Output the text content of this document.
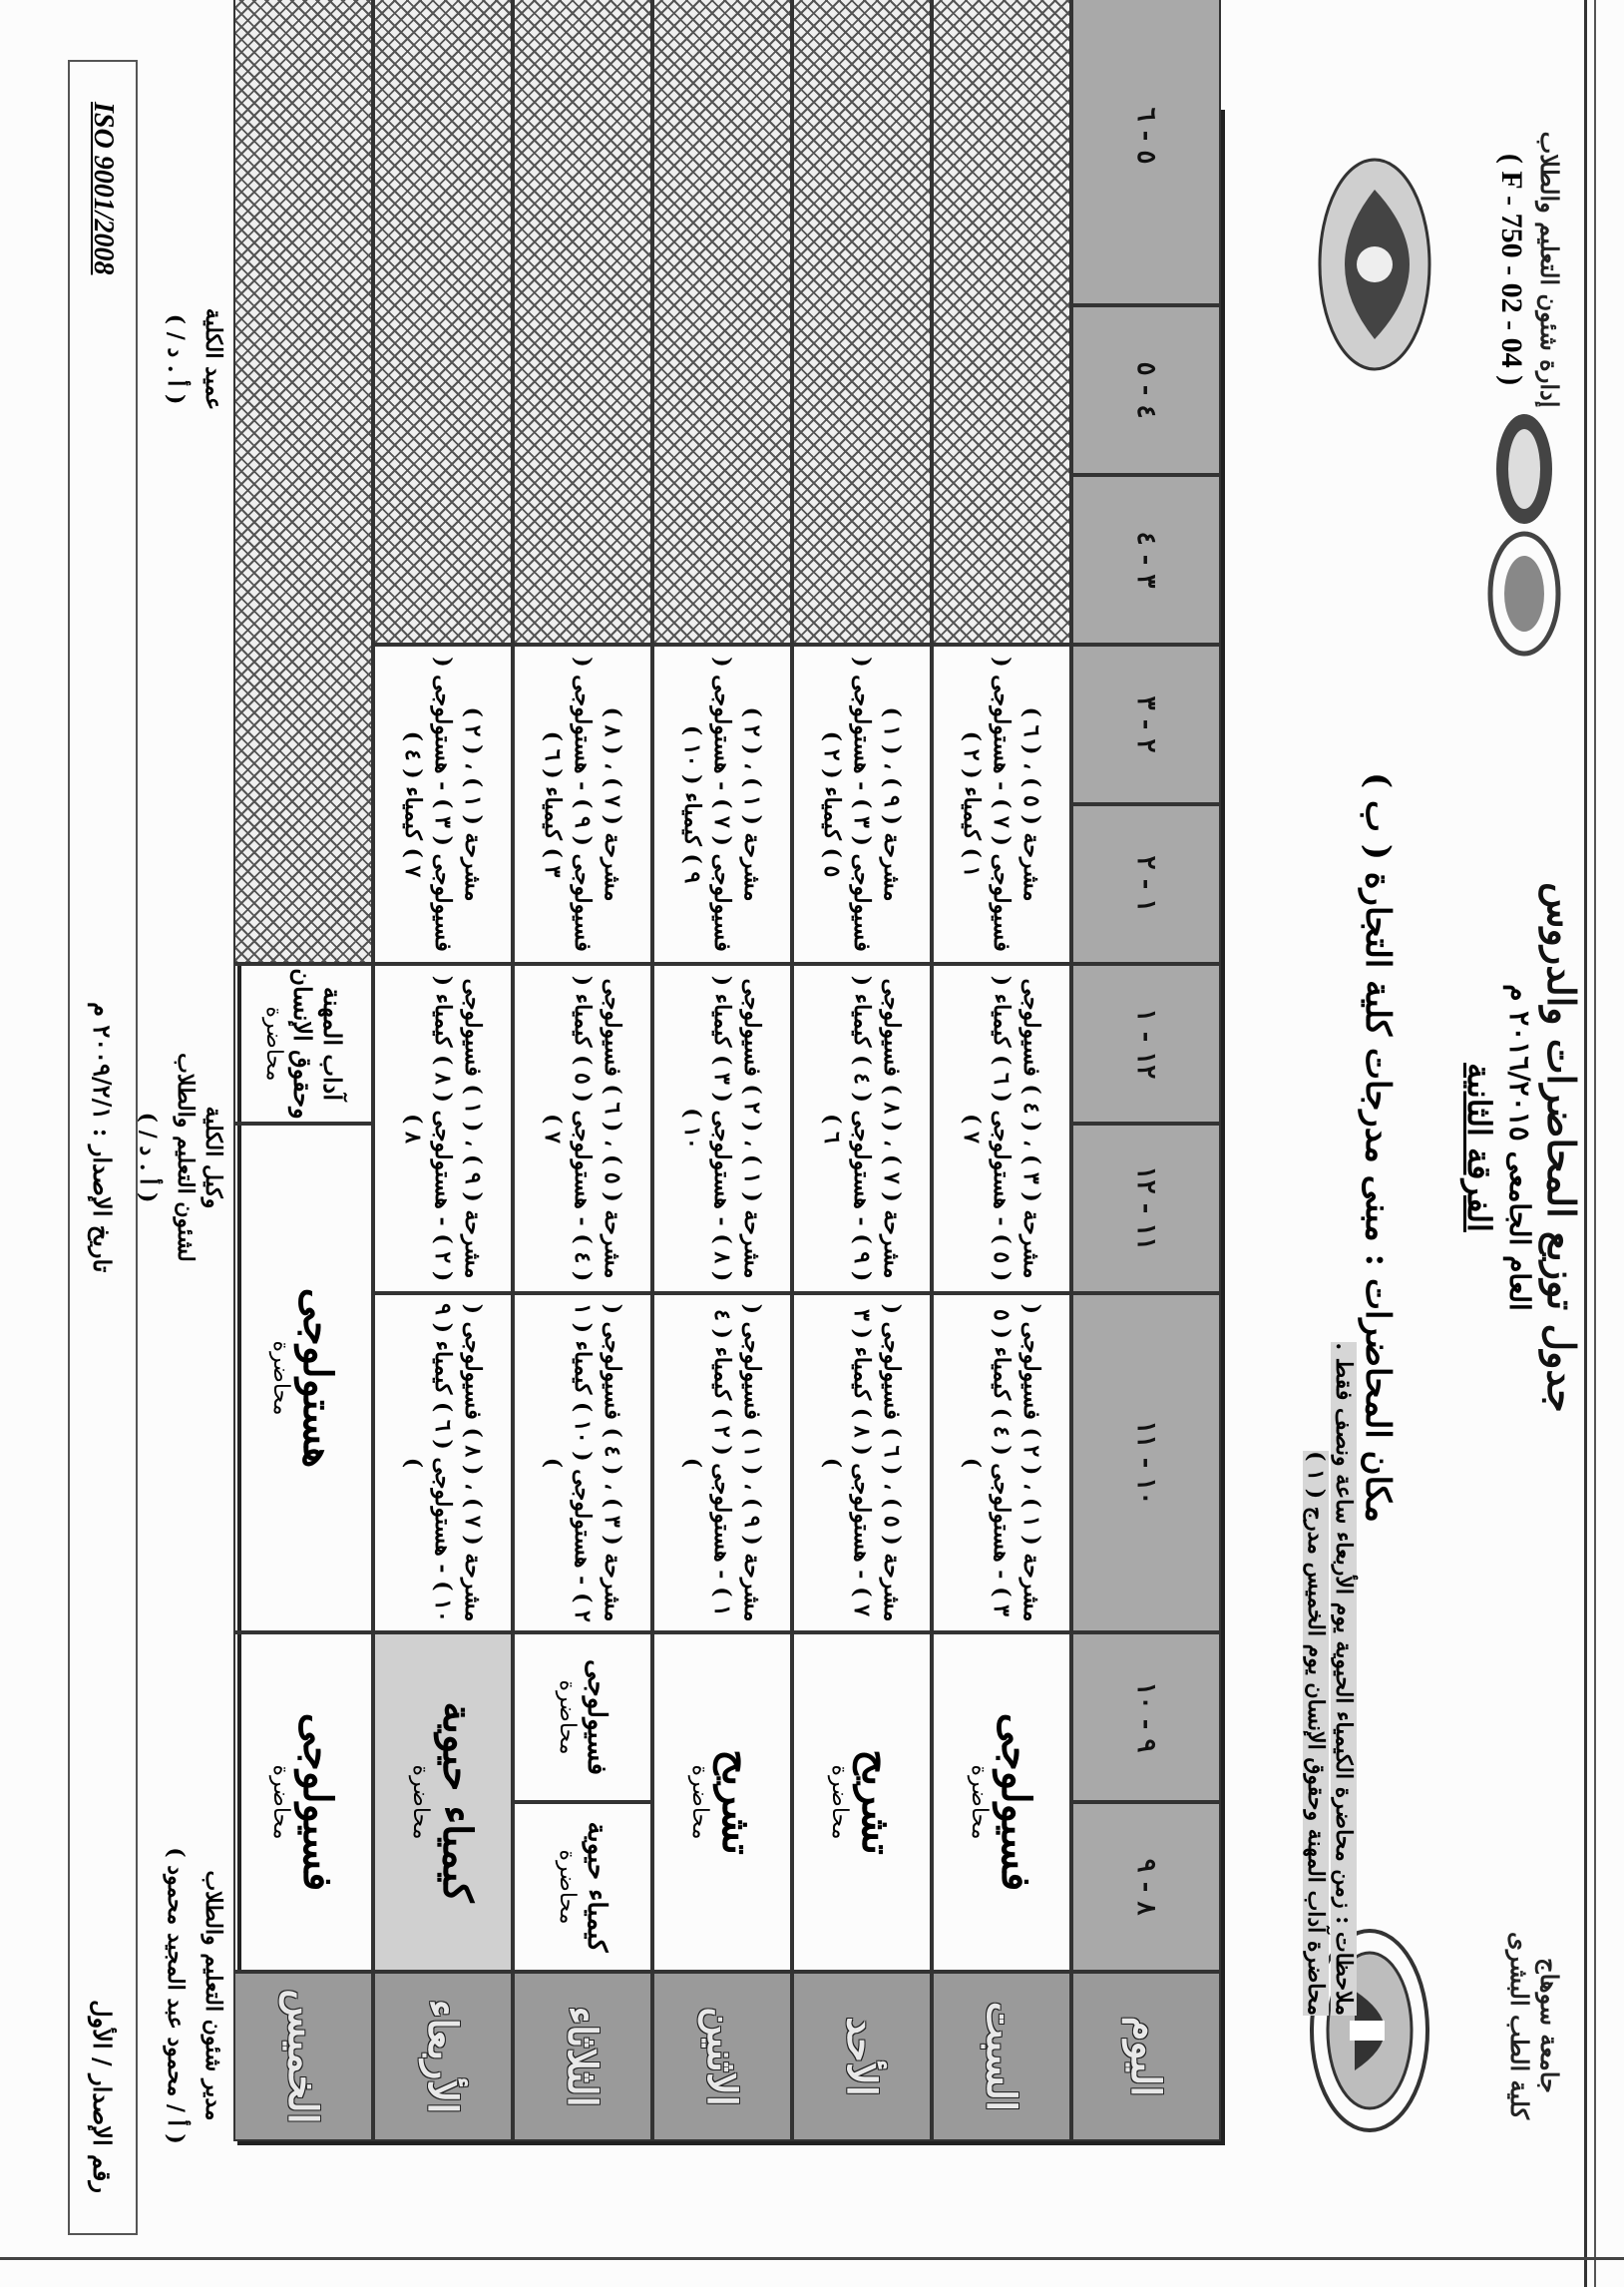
جامعة سوهاج
كلية الطب البشرى
إدارة شئون التعليم والطلاب
( F - 750 - 02 - 04 )
جدول توزيع المحاضرات والدروس
العام الجامعى ٢٠١٦/٢٠١٥ م
الفرقة الثانية
مكان المحاضرات : مبنى مدرجات كلية التجارة ( ب )
ملاحظات : زمن محاضرة الكيمياء الحيوية يوم الأربعاء ساعة ونصف فقط .
محاضرة آداب المهنة وحقوق الإنسان يوم الخميس مدرج ( ١ )
اليوم
٨ - ٩
٩ - ١٠
١٠ - ١١
١١ - ١٢
١٢ - ١
١ - ٢
٢ - ٣
٣ - ٤
٤ - ٥
٥ - ٦
السبت
الأحد
الاثنين
الثلاثاء
الأربعاء
الخميس
فسيولوجى
محاضرة
مشرحة ( ١ ) ، ( ٢ ) فسيولوجى ( ٣ ) - هستولوجى ( ٤ ) كيمياء ( ٥ )
مشرحة ( ٣ ) ، ( ٤ ) فسيولوجى ( ٥ ) - هستولوجى ( ٦ ) كيمياء ( ٧ )
مشرحة ( ٥ ) ، ( ٦ ) فسيولوجى ( ٧ ) - هستولوجى ( ١ ) كيمياء ( ٢ )
تشريح
محاضرة
مشرحة ( ٥ ) ، ( ٦ ) فسيولوجى ( ٧ ) - هستولوجى ( ٨ ) كيمياء ( ٣ )
مشرحة ( ٧ ) ، ( ٨ ) فسيولوجى ( ٩ ) - هستولوجى ( ٤ ) كيمياء ( ٦ )
مشرحة ( ٩ ) ، ( ١ ) فسيولوجى ( ٣ ) - هستولوجى ( ٥ ) كيمياء ( ٢ )
تشريح
محاضرة
مشرحة ( ٩ ) ، ( ١ ) فسيولوجى ( ١ ) - هستولوجى ( ٢ ) كيمياء ( ٤ )
مشرحة ( ١ ) ، ( ٢ ) فسيولوجى ( ٨ ) - هستولوجى ( ٣ ) كيمياء ( ١٠ )
مشرحة ( ١ ) ، ( ٢ ) فسيولوجى ( ٧ ) - هستولوجى ( ٩ ) كيمياء ( ١٠ )
كيمياء حيوية
محاضرة
فسيولوجى
محاضرة
مشرحة ( ٣ ) ، ( ٤ ) فسيولوجى ( ٢ ) - هستولوجى ( ١٠ ) كيمياء ( ١ )
مشرحة ( ٥ ) ، ( ٦ ) فسيولوجى ( ٤ ) - هستولوجى ( ٥ ) كيمياء ( ٧ )
مشرحة ( ٧ ) ، ( ٨ ) فسيولوجى ( ٩ ) - هستولوجى ( ٣ ) كيمياء ( ٦ )
كيمياء حيوية
محاضرة
مشرحة ( ٧ ) ، ( ٨ ) فسيولوجى ( ١٠ ) - هستولوجى ( ٦ ) كيمياء ( ٩ )
مشرحة ( ٩ ) ، ( ١ ) فسيولوجى ( ٢ ) - هستولوجى ( ٨ ) كيمياء ( ٨ )
مشرحة ( ١ ) ، ( ٢ ) فسيولوجى ( ٣ ) - هستولوجى ( ٧ ) كيمياء ( ٤ )
فسيولوجى
محاضرة
هستولوجى
محاضرة
آداب المهنة
وحقوق الإنسان
محاضرة
مدير شئون التعليم والطلاب
( أ / محمود عبد المجيد محمود )
وكيل الكلية
لشئون التعليم والطلاب
( أ . د / )
عميد الكلية
( أ . د / )
رقم الإصدار / الأول
تاريخ الإصدار : ٢٠٠٩/٢/١ م
ISO 9001/2008
